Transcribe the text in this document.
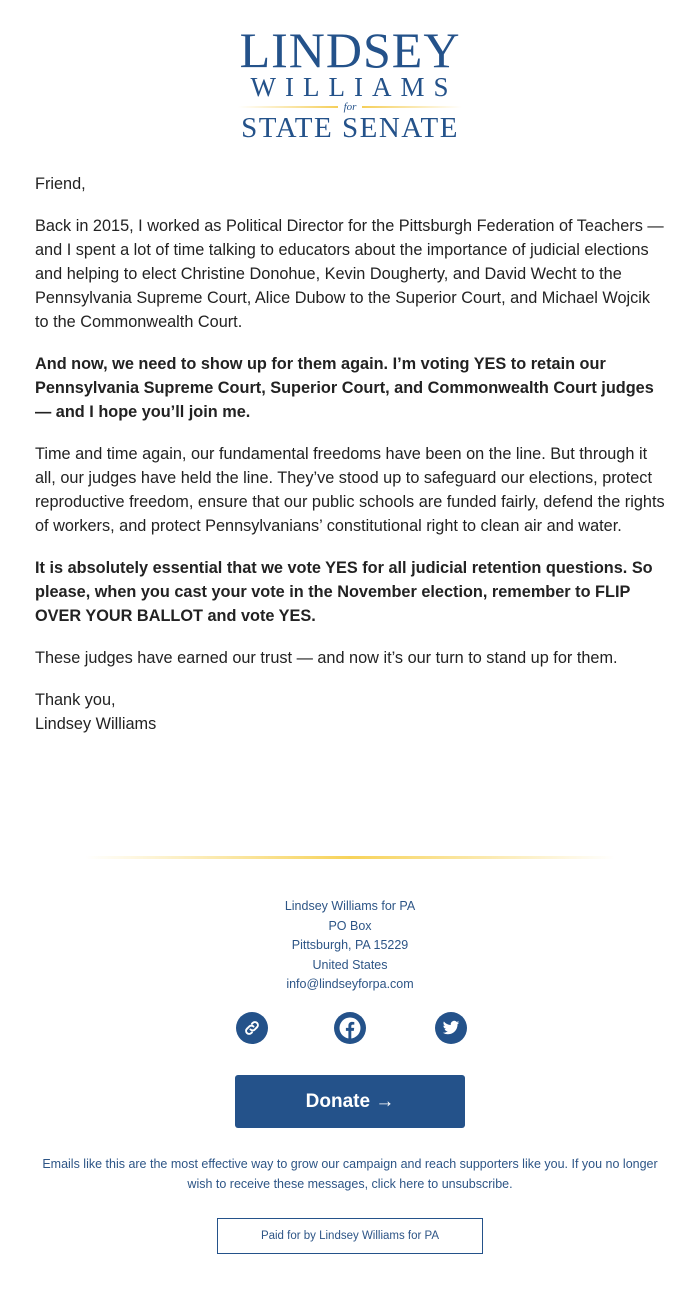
LINDSEY
WILLIAMS
for
STATE SENATE

Friend,

Back in 2015, I worked as Political Director for the Pittsburgh Federation of Teachers — and I spent a lot of time talking to educators about the importance of judicial elections and helping to elect Christine Donohue, Kevin Dougherty, and David Wecht to the Pennsylvania Supreme Court, Alice Dubow to the Superior Court, and Michael Wojcik to the Commonwealth Court.

And now, we need to show up for them again. I’m voting YES to retain our Pennsylvania Supreme Court, Superior Court, and Commonwealth Court judges — and I hope you’ll join me.

Time and time again, our fundamental freedoms have been on the line. But through it all, our judges have held the line. They’ve stood up to safeguard our elections, protect reproductive freedom, ensure that our public schools are funded fairly, defend the rights of workers, and protect Pennsylvanians’ constitutional right to clean air and water.

It is absolutely essential that we vote YES for all judicial retention questions. So please, when you cast your vote in the November election, remember to FLIP OVER YOUR BALLOT and vote YES.

These judges have earned our trust — and now it’s our turn to stand up for them.

Thank you,
Lindsey Williams

Lindsey Williams for PA
PO Box
Pittsburgh, PA 15229
United States
info@lindseyforpa.com
Donate →
Emails like this are the most effective way to grow our campaign and reach supporters like you. If you no longer wish to receive these messages, click here to unsubscribe.
Paid for by Lindsey Williams for PA
